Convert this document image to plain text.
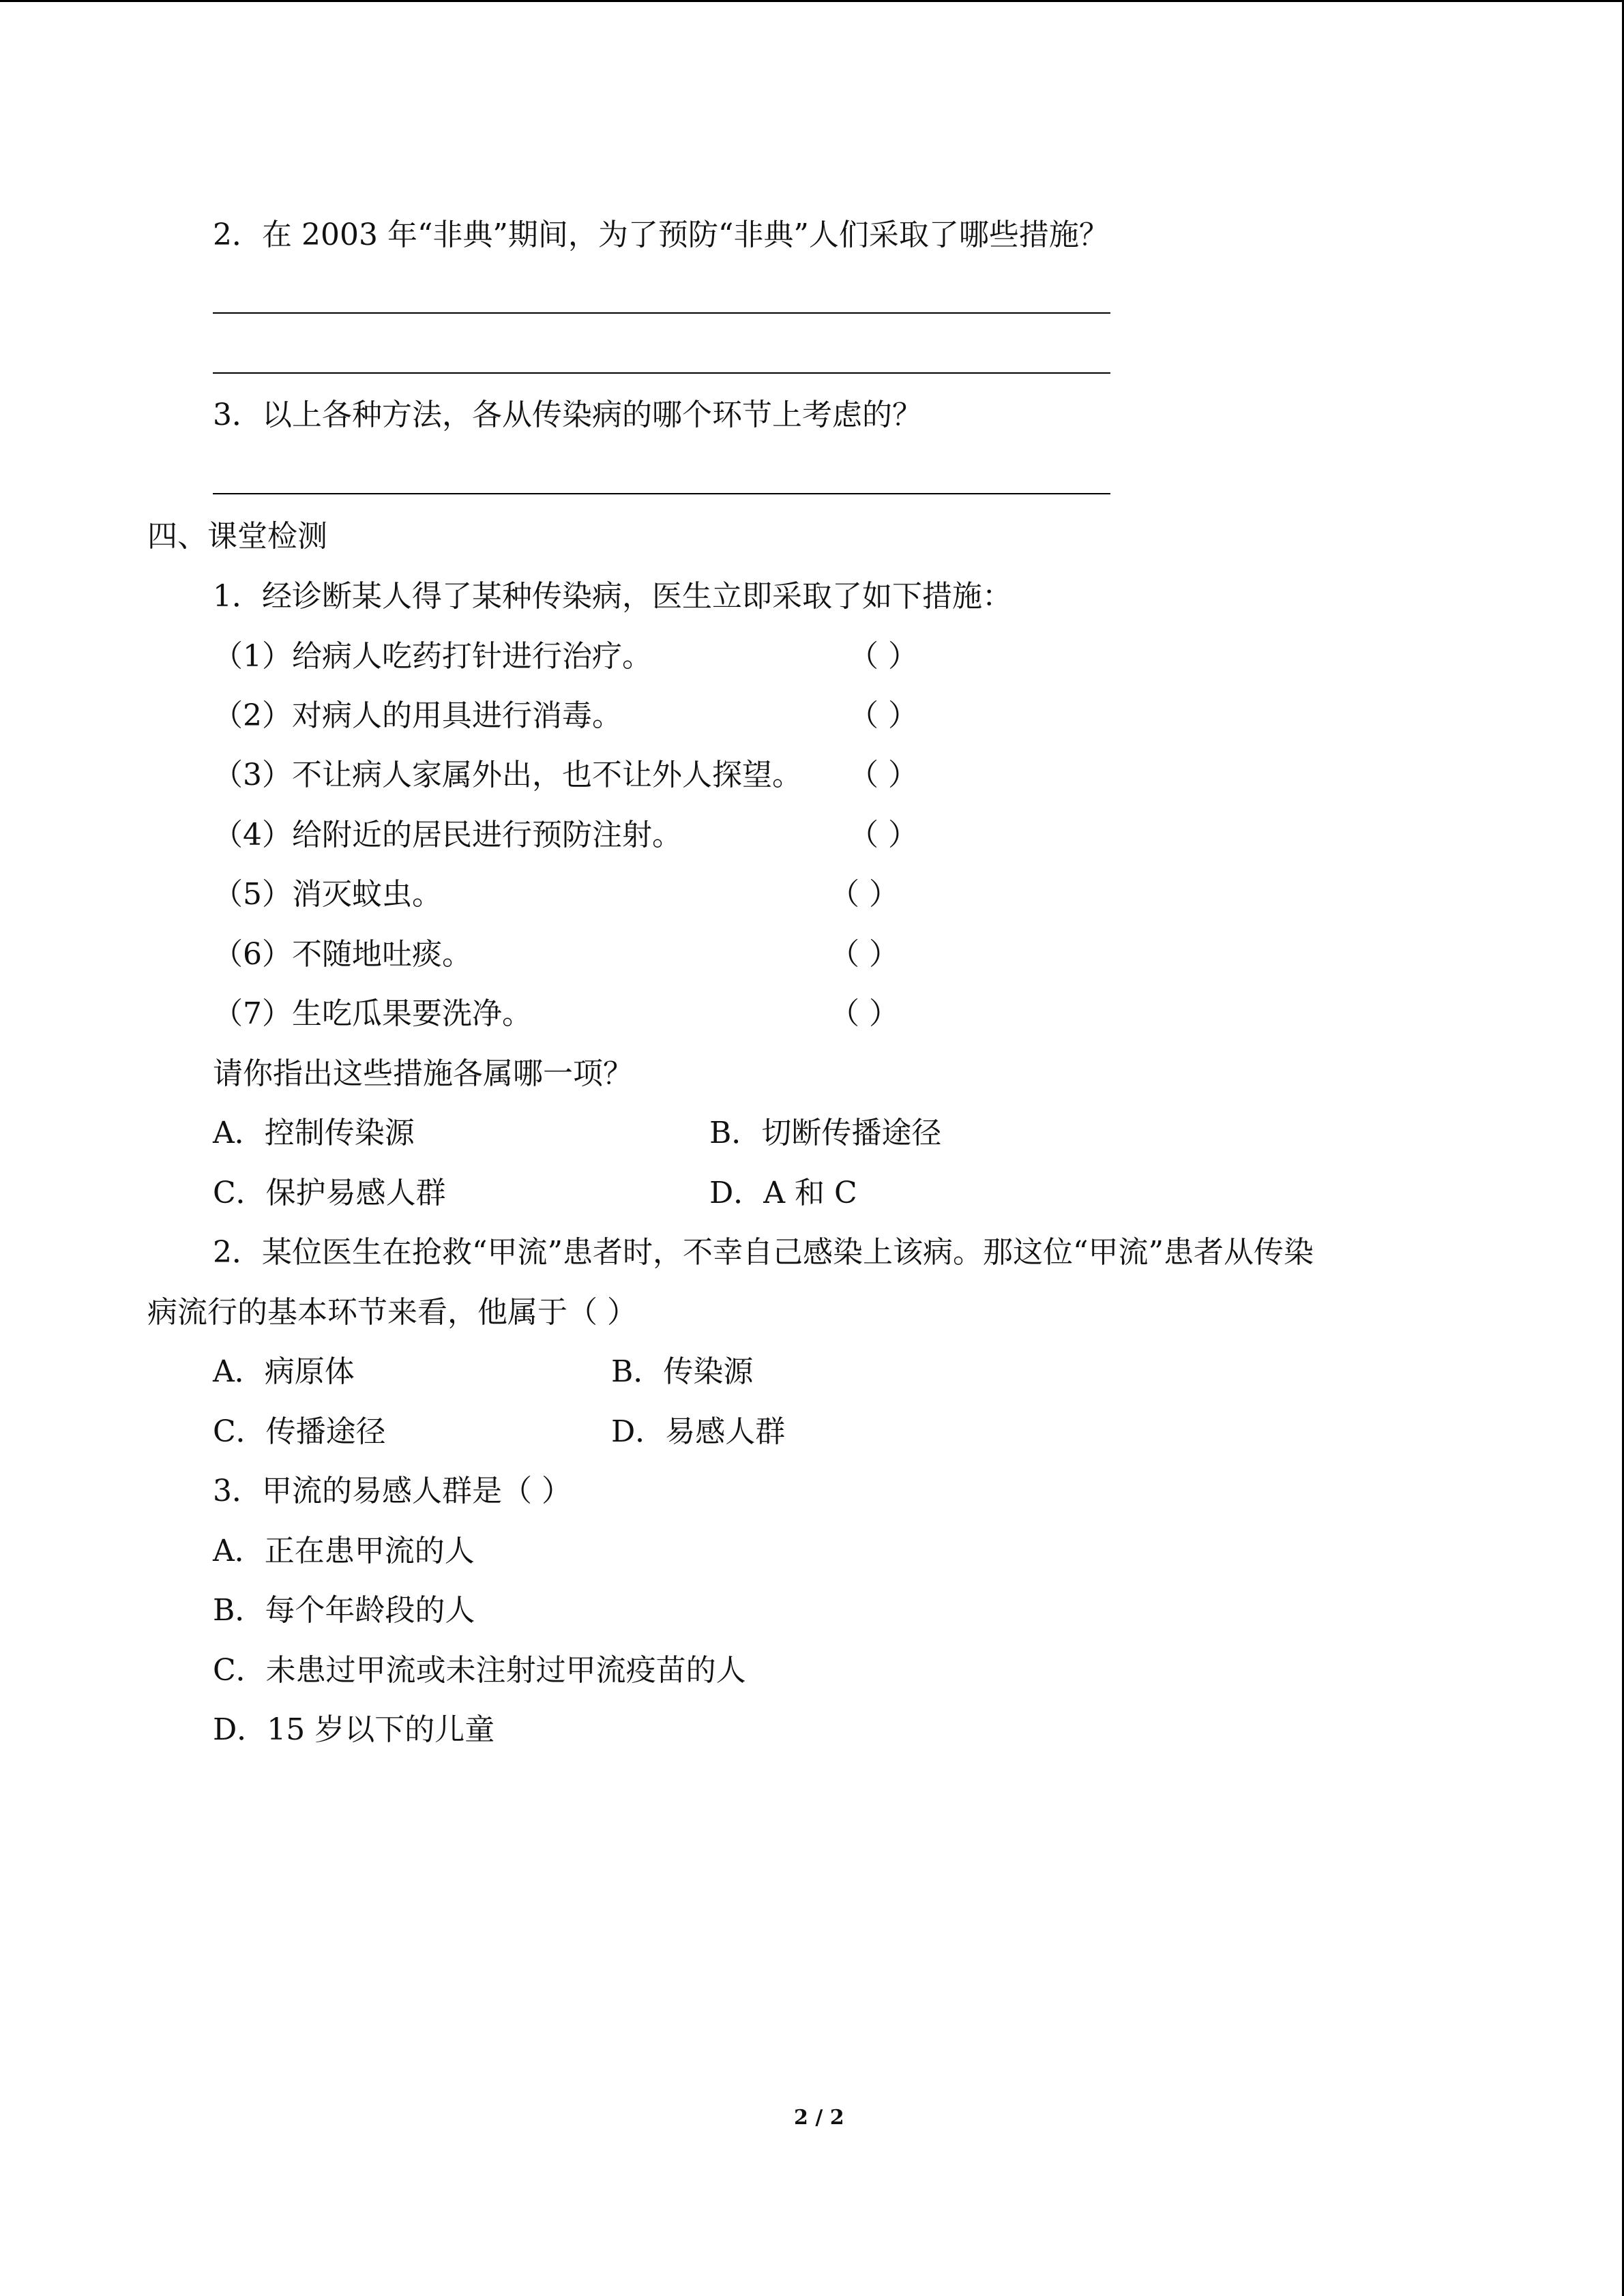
2．在 2003 年“非典”期间，为了预防“非典”人们采取了哪些措施？
3．以上各种方法，各从传染病的哪个环节上考虑的？
四、课堂检测
1．经诊断某人得了某种传染病，医生立即采取了如下措施：
（1）给病人吃药打针进行治疗。	（ ）
（2）对病人的用具进行消毒。	（ ）
（3）不让病人家属外出，也不让外人探望。 （ ）
（4）给附近的居民进行预防注射。	（ ）
（5）消灭蚊虫。	（ ）
（6）不随地吐痰。	（ ）
（7）生吃瓜果要洗净。	（ ）
请你指出这些措施各属哪一项？
A．控制传染源	B．切断传播途径
C．保护易感人群	D．A 和 C
2．某位医生在抢救“甲流”患者时，不幸自己感染上该病。那这位“甲流”患者从传染
病流行的基本环节来看，他属于（ ）
A．病原体	B．传染源
C．传播途径	D．易感人群
3．甲流的易感人群是（ ）
A．正在患甲流的人
B．每个年龄段的人
C．未患过甲流或未注射过甲流疫苗的人
D．15 岁以下的儿童
2 / 2
